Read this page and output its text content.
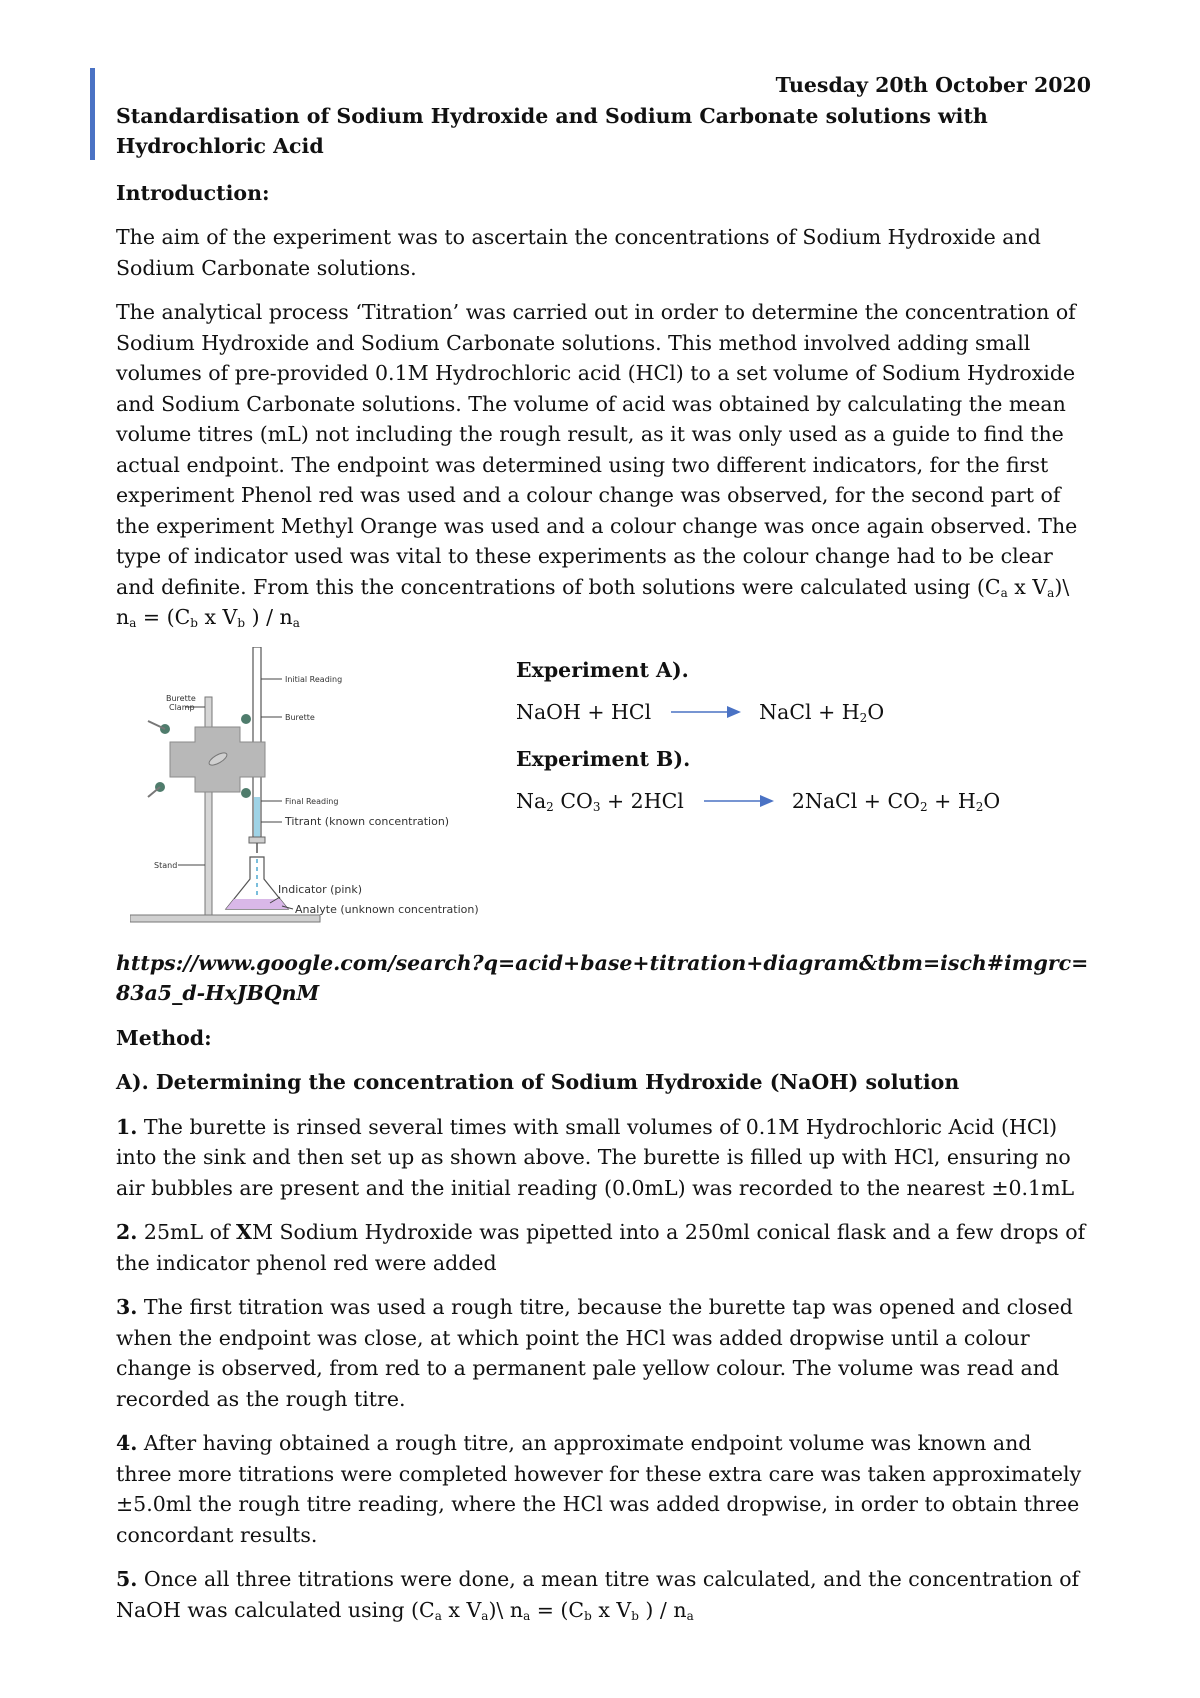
Tuesday 20th October 2020

Standardisation of Sodium Hydroxide and Sodium Carbonate solutions with Hydrochloric Acid

Introduction:

The aim of the experiment was to ascertain the concentrations of Sodium Hydroxide and Sodium Carbonate solutions.

The analytical process ‘Titration’ was carried out in order to determine the concentration of Sodium Hydroxide and Sodium Carbonate solutions. This method involved adding small volumes of pre-provided 0.1M Hydrochloric acid (HCl) to a set volume of Sodium Hydroxide and Sodium Carbonate solutions. The volume of acid was obtained by calculating the mean volume titres (mL) not including the rough result, as it was only used as a guide to find the actual endpoint. The endpoint was determined using two different indicators, for the first experiment Phenol red was used and a colour change was observed, for the second part of the experiment Methyl Orange was used and a colour change was once again observed. The type of indicator used was vital to these experiments as the colour change had to be clear and definite. From this the concentrations of both solutions were calculated using ($C_a$ x $V_a)\backslash$ $n_a = (C_b$ x $V_b$ ) / $n_a$

Initial Reading
Burette
Clamp
Burette
Final Reading
Titrant (known concentration)
Stand
Indicator (pink)
Analyte (unknown concentration)

Experiment A).

NaOH + HCl → NaCl + $H_2O$

Experiment B).

$Na_2$ $CO_3 + 2HCl$ → 2NaCl + $CO_2 + H_2O$

https://www.google.com/search?q=acid+base+titration+diagram&tbm=isch#imgrc=83a5_d-HxJBQnM

Method:
A). Determining the concentration of Sodium Hydroxide (NaOH) solution

1. The burette is rinsed several times with small volumes of 0.1M Hydrochloric Acid (HCl) into the sink and then set up as shown above. The burette is filled up with HCl, ensuring no air bubbles are present and the initial reading (0.0mL) was recorded to the nearest ±0.1mL

2. 25mL of XM Sodium Hydroxide was pipetted into a 250ml conical flask and a few drops of the indicator phenol red were added

3. The first titration was used a rough titre, because the burette tap was opened and closed when the endpoint was close, at which point the HCl was added dropwise until a colour change is observed, from red to a permanent pale yellow colour. The volume was read and recorded as the rough titre.

4. After having obtained a rough titre, an approximate endpoint volume was known and three more titrations were completed however for these extra care was taken approximately ±5.0ml the rough titre reading, where the HCl was added dropwise, in order to obtain three concordant results.

5. Once all three titrations were done, a mean titre was calculated, and the concentration of NaOH was calculated using ($C_a$ x $V_a)\backslash$ $n_a = (C_b$ x $V_b$ ) / $n_a$
